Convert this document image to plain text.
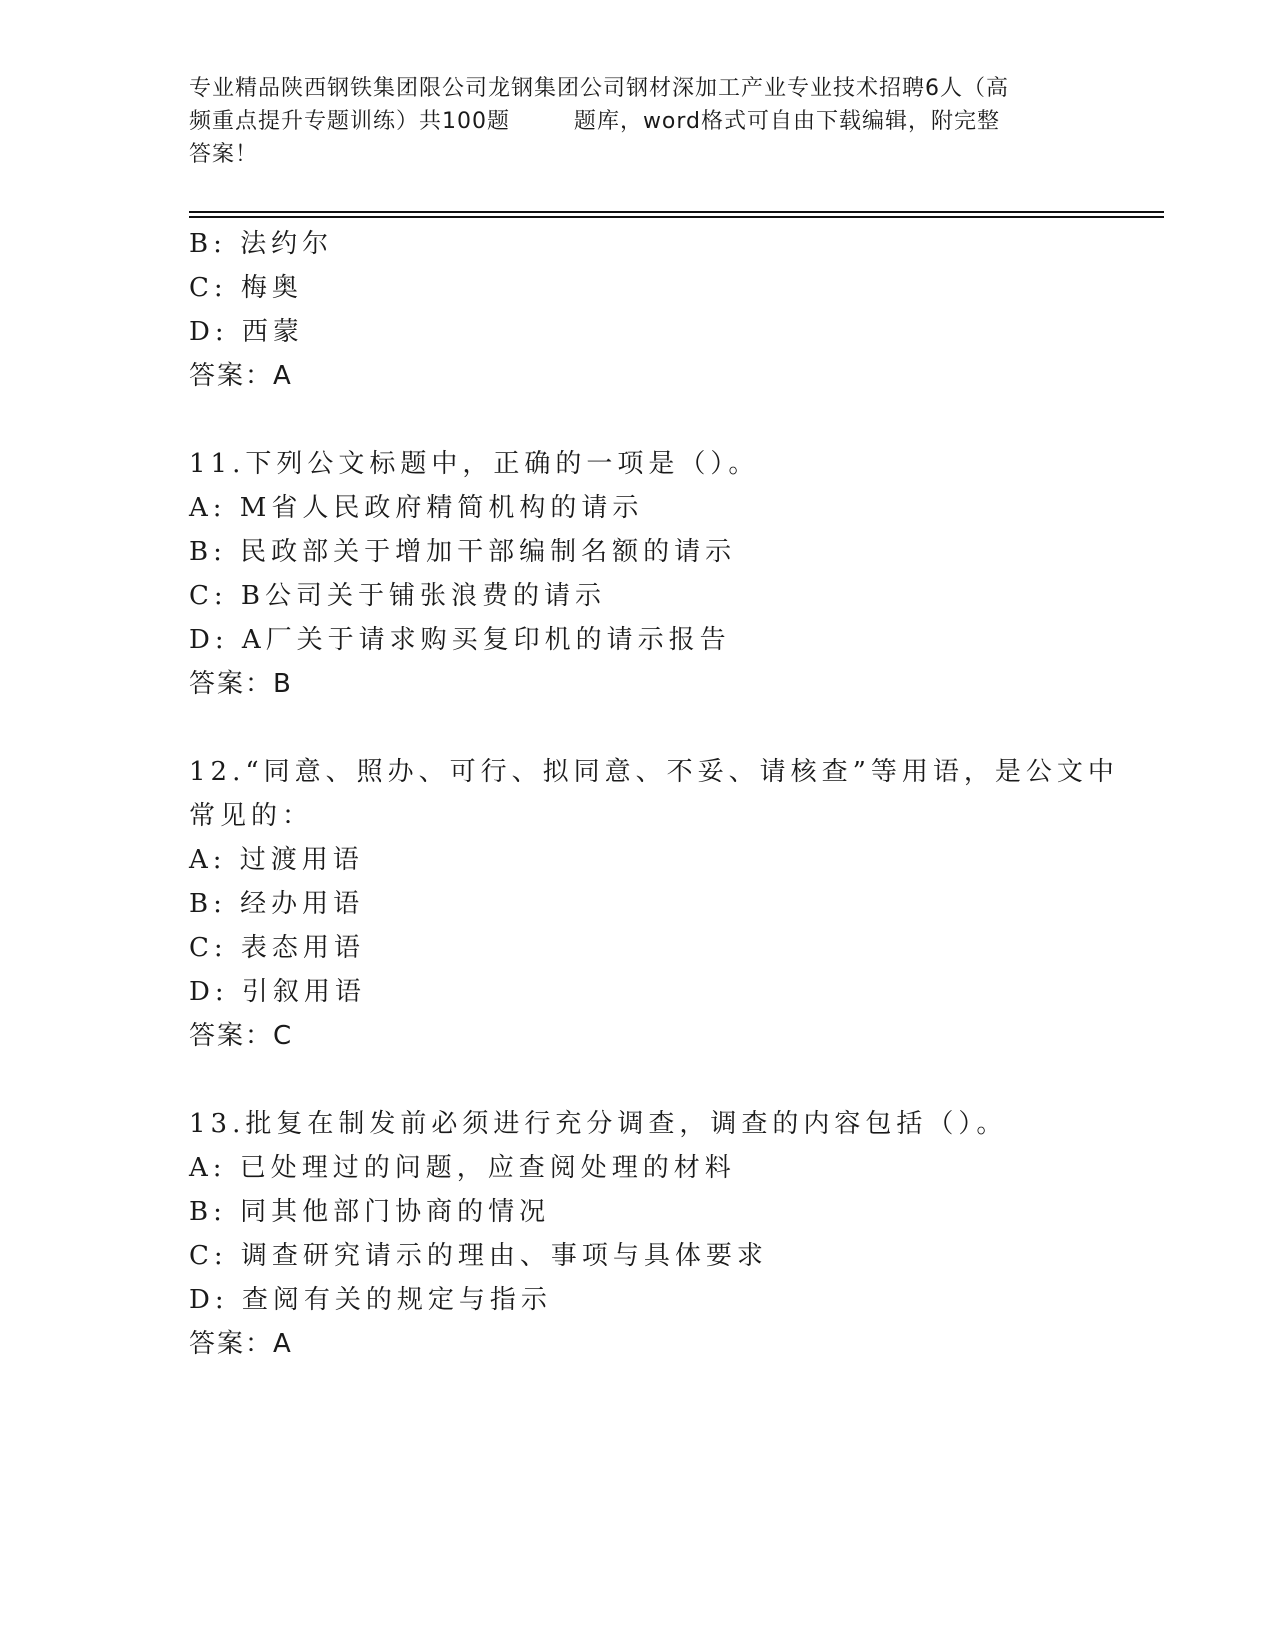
专业精品陕西钢铁集团限公司龙钢集团公司钢材深加工产业专业技术招聘6人（高
频重点提升专题训练）共100题        题库，word格式可自由下载编辑，附完整
答案！
B: 法约尔
C: 梅奥
D: 西蒙
答案：A
11.下列公文标题中，正确的一项是（）。
A: M省人民政府精简机构的请示
B: 民政部关于增加干部编制名额的请示
C: B公司关于铺张浪费的请示
D: A厂关于请求购买复印机的请示报告
答案：B
12.“同意、照办、可行、拟同意、不妥、请核查”等用语，是公文中
常见的：
A: 过渡用语
B: 经办用语
C: 表态用语
D: 引叙用语
答案：C
13.批复在制发前必须进行充分调查，调查的内容包括（）。
A: 已处理过的问题，应查阅处理的材料
B: 同其他部门协商的情况
C: 调查研究请示的理由、事项与具体要求
D: 查阅有关的规定与指示
答案：A
